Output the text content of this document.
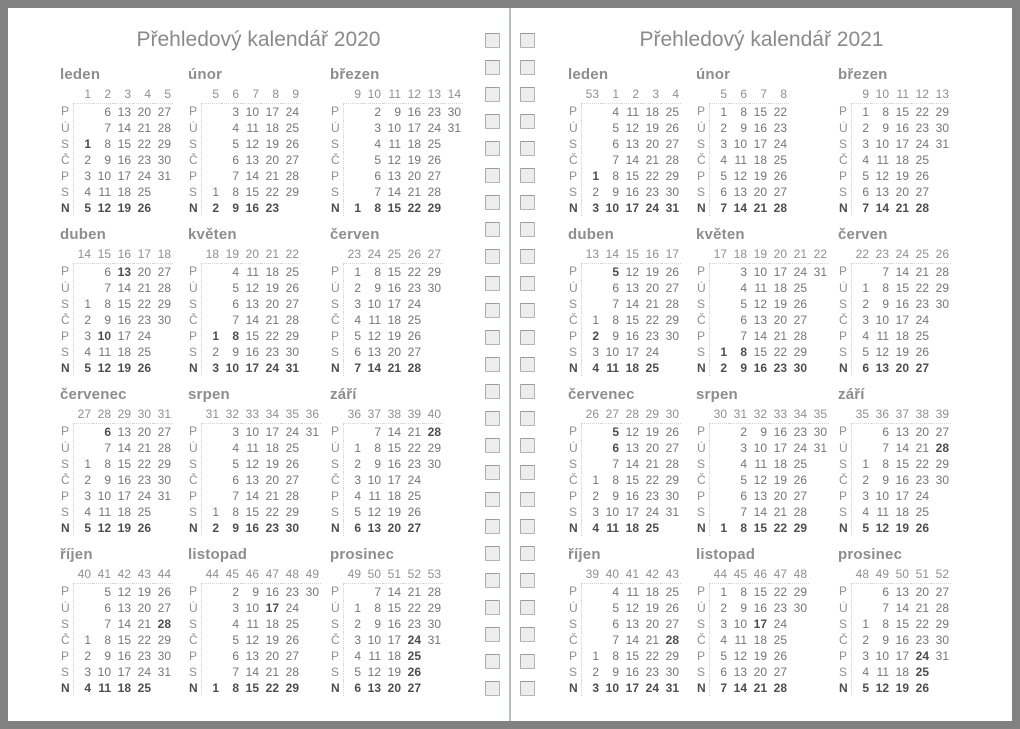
Přehledový kalendář 2020
leden
	1	2	3	4	5
P		6	13	20	27
Ú		7	14	21	28
S	1	8	15	22	29
Č	2	9	16	23	30
P	3	10	17	24	31
S	4	11	18	25	
N	5	12	19	26	
únor
	5	6	7	8	9
P		3	10	17	24
Ú		4	11	18	25
S		5	12	19	26
Č		6	13	20	27
P		7	14	21	28
S	1	8	15	22	29
N	2	9	16	23	
březen
	9	10	11	12	13	14
P		2	9	16	23	30
Ú		3	10	17	24	31
S		4	11	18	25	
Č		5	12	19	26	
P		6	13	20	27	
S		7	14	21	28	
N	1	8	15	22	29	
duben
	14	15	16	17	18
P		6	13	20	27
Ú		7	14	21	28
S	1	8	15	22	29
Č	2	9	16	23	30
P	3	10	17	24	
S	4	11	18	25	
N	5	12	19	26	
květen
	18	19	20	21	22
P		4	11	18	25
Ú		5	12	19	26
S		6	13	20	27
Č		7	14	21	28
P	1	8	15	22	29
S	2	9	16	23	30
N	3	10	17	24	31
červen
	23	24	25	26	27
P	1	8	15	22	29
Ú	2	9	16	23	30
S	3	10	17	24	
Č	4	11	18	25	
P	5	12	19	26	
S	6	13	20	27	
N	7	14	21	28	
červenec
	27	28	29	30	31
P		6	13	20	27
Ú		7	14	21	28
S	1	8	15	22	29
Č	2	9	16	23	30
P	3	10	17	24	31
S	4	11	18	25	
N	5	12	19	26	
srpen
	31	32	33	34	35	36
P		3	10	17	24	31
Ú		4	11	18	25	
S		5	12	19	26	
Č		6	13	20	27	
P		7	14	21	28	
S	1	8	15	22	29	
N	2	9	16	23	30	
září
	36	37	38	39	40
P		7	14	21	28
Ú	1	8	15	22	29
S	2	9	16	23	30
Č	3	10	17	24	
P	4	11	18	25	
S	5	12	19	26	
N	6	13	20	27	
říjen
	40	41	42	43	44
P		5	12	19	26
Ú		6	13	20	27
S		7	14	21	28
Č	1	8	15	22	29
P	2	9	16	23	30
S	3	10	17	24	31
N	4	11	18	25	
listopad
	44	45	46	47	48	49
P		2	9	16	23	30
Ú		3	10	17	24	
S		4	11	18	25	
Č		5	12	19	26	
P		6	13	20	27	
S		7	14	21	28	
N	1	8	15	22	29	
prosinec
	49	50	51	52	53
P		7	14	21	28
Ú	1	8	15	22	29
S	2	9	16	23	30
Č	3	10	17	24	31
P	4	11	18	25	
S	5	12	19	26	
N	6	13	20	27	
Přehledový kalendář 2021
leden
	53	1	2	3	4
P		4	11	18	25
Ú		5	12	19	26
S		6	13	20	27
Č		7	14	21	28
P	1	8	15	22	29
S	2	9	16	23	30
N	3	10	17	24	31
únor
	5	6	7	8
P	1	8	15	22
Ú	2	9	16	23
S	3	10	17	24
Č	4	11	18	25
P	5	12	19	26
S	6	13	20	27
N	7	14	21	28
březen
	9	10	11	12	13
P	1	8	15	22	29
Ú	2	9	16	23	30
S	3	10	17	24	31
Č	4	11	18	25	
P	5	12	19	26	
S	6	13	20	27	
N	7	14	21	28	
duben
	13	14	15	16	17
P		5	12	19	26
Ú		6	13	20	27
S		7	14	21	28
Č	1	8	15	22	29
P	2	9	16	23	30
S	3	10	17	24	
N	4	11	18	25	
květen
	17	18	19	20	21	22
P		3	10	17	24	31
Ú		4	11	18	25	
S		5	12	19	26	
Č		6	13	20	27	
P		7	14	21	28	
S	1	8	15	22	29	
N	2	9	16	23	30	
červen
	22	23	24	25	26
P		7	14	21	28
Ú	1	8	15	22	29
S	2	9	16	23	30
Č	3	10	17	24	
P	4	11	18	25	
S	5	12	19	26	
N	6	13	20	27	
červenec
	26	27	28	29	30
P		5	12	19	26
Ú		6	13	20	27
S		7	14	21	28
Č	1	8	15	22	29
P	2	9	16	23	30
S	3	10	17	24	31
N	4	11	18	25	
srpen
	30	31	32	33	34	35
P		2	9	16	23	30
Ú		3	10	17	24	31
S		4	11	18	25	
Č		5	12	19	26	
P		6	13	20	27	
S		7	14	21	28	
N	1	8	15	22	29	
září
	35	36	37	38	39
P		6	13	20	27
Ú		7	14	21	28
S	1	8	15	22	29
Č	2	9	16	23	30
P	3	10	17	24	
S	4	11	18	25	
N	5	12	19	26	
říjen
	39	40	41	42	43
P		4	11	18	25
Ú		5	12	19	26
S		6	13	20	27
Č		7	14	21	28
P	1	8	15	22	29
S	2	9	16	23	30
N	3	10	17	24	31
listopad
	44	45	46	47	48
P	1	8	15	22	29
Ú	2	9	16	23	30
S	3	10	17	24	
Č	4	11	18	25	
P	5	12	19	26	
S	6	13	20	27	
N	7	14	21	28	
prosinec
	48	49	50	51	52
P		6	13	20	27
Ú		7	14	21	28
S	1	8	15	22	29
Č	2	9	16	23	30
P	3	10	17	24	31
S	4	11	18	25	
N	5	12	19	26	
